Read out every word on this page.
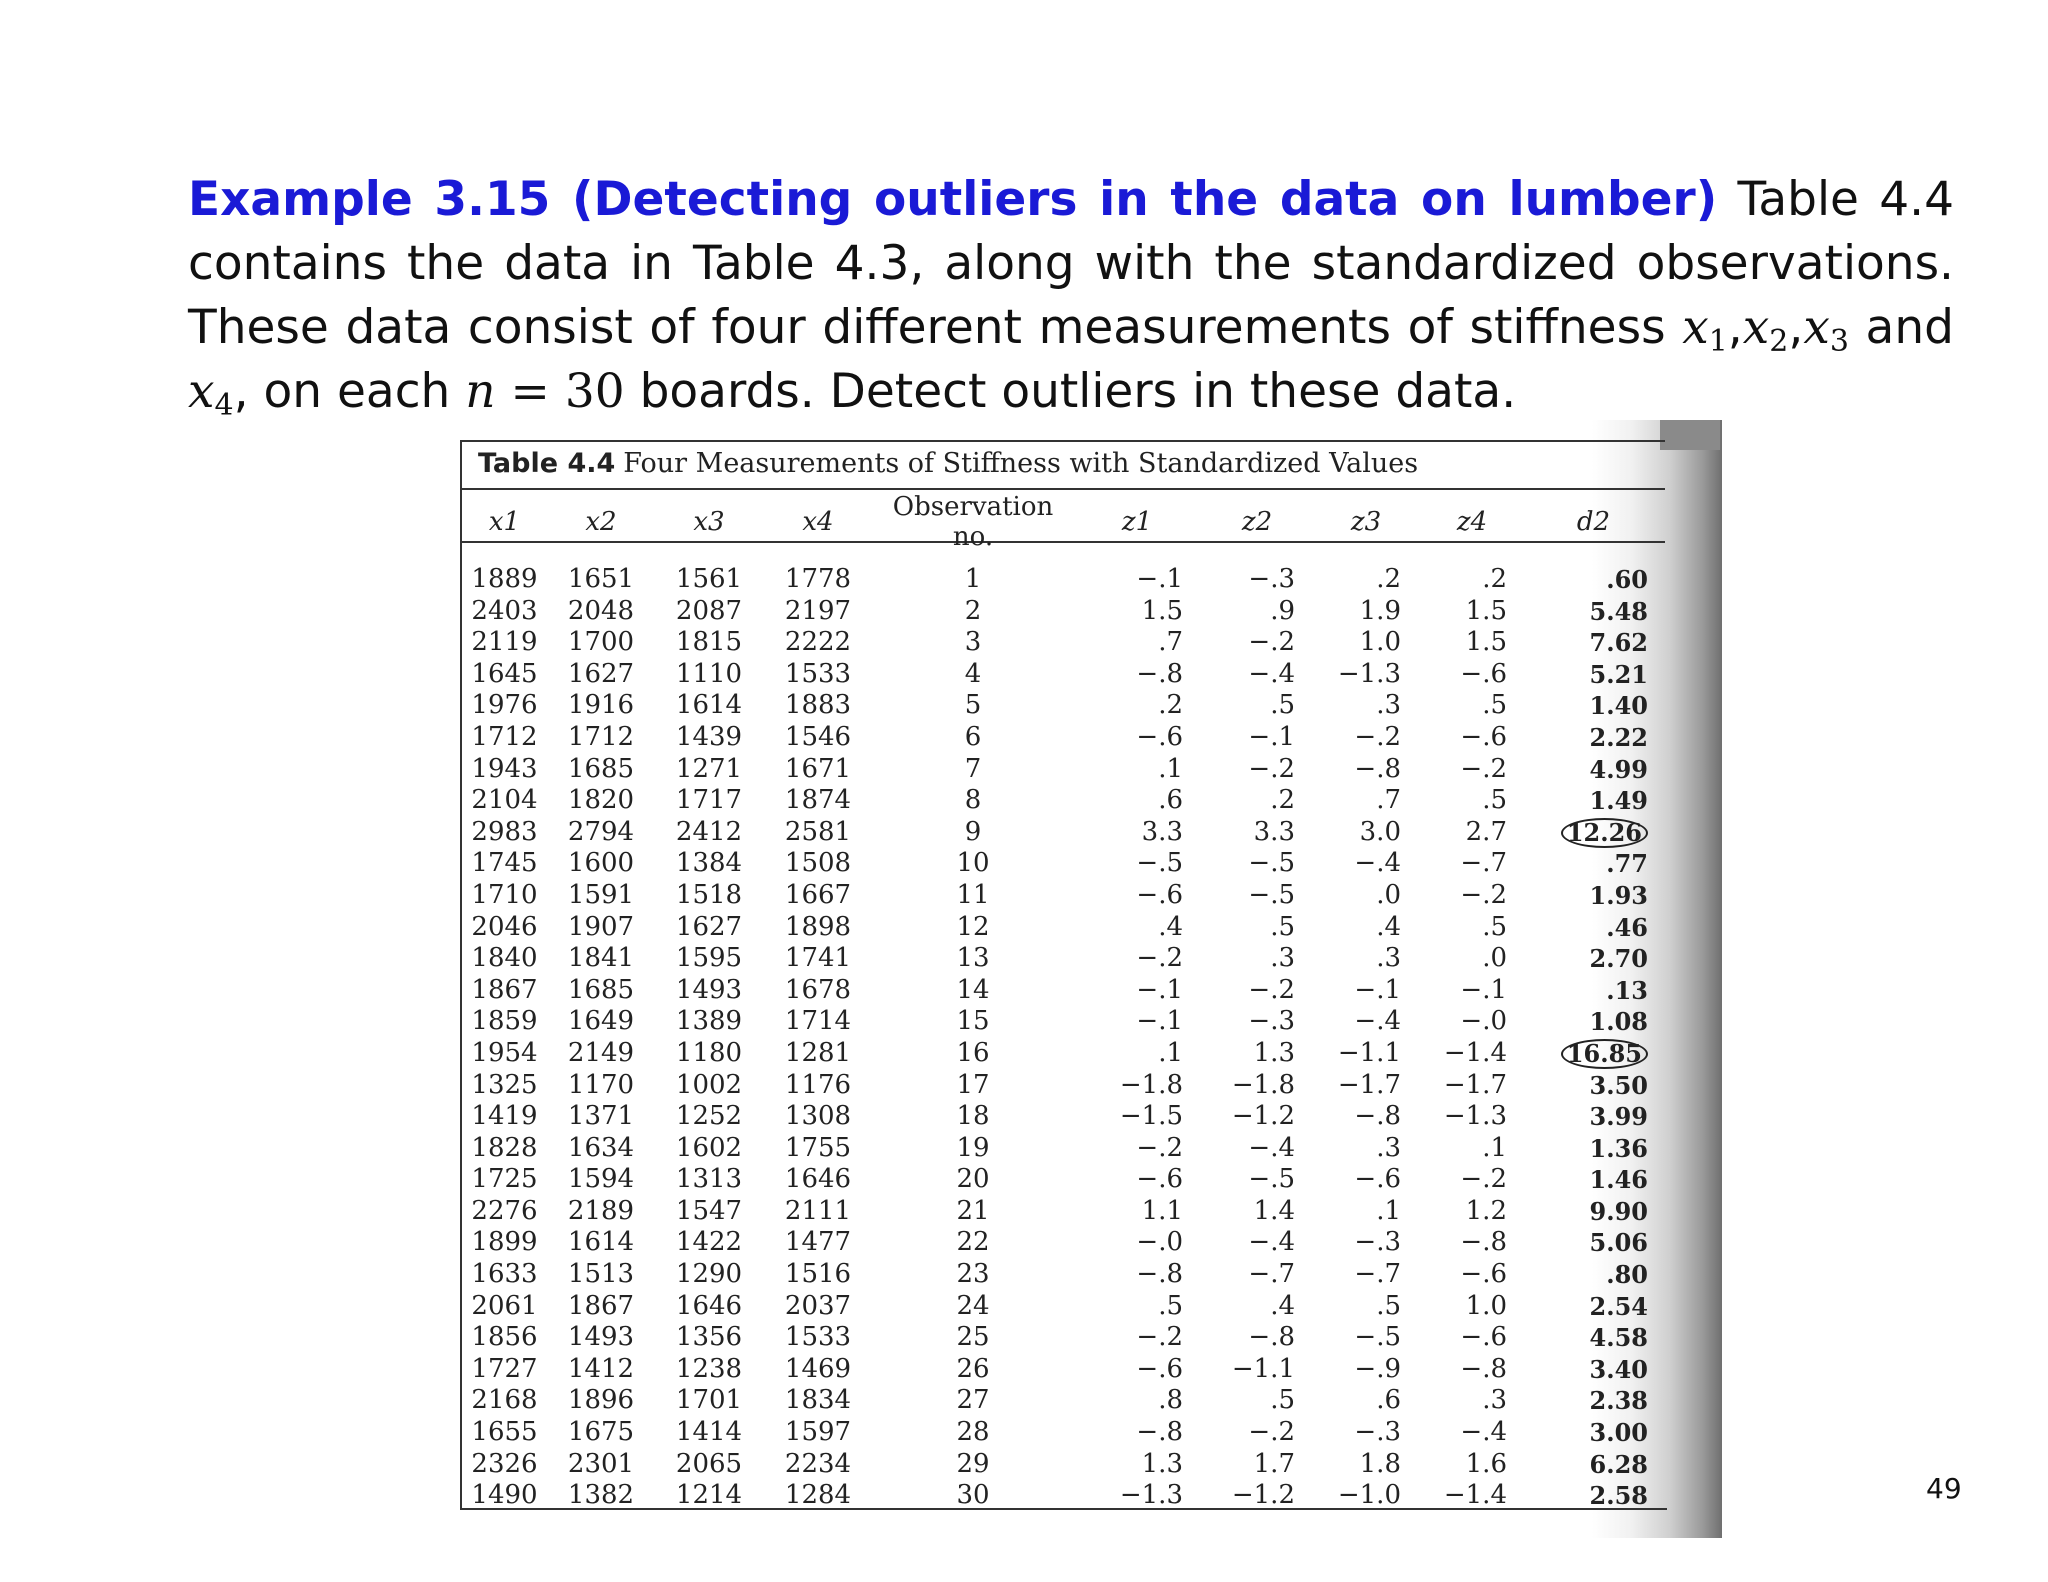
Example 3.15 (Detecting outliers in the data on lumber) Table 4.4 contains the data in Table 4.3, along with the standardized observations. These data consist of four different measurements of stiffness $x_1,x_2,x_3$ and $x_4$, on each n = 30 boards. Detect outliers in these data.
Table 4.4 Four Measurements of Stiffness with Standardized Values
x1	x2	x3	x4	Observation no.	z1	z2	z3	z4	d2
1889	1651	1561	1778	1	−.1	−.3	.2	.2	.60
2403	2048	2087	2197	2	1.5	.9	1.9	1.5	5.48
2119	1700	1815	2222	3	.7	−.2	1.0	1.5	7.62
1645	1627	1110	1533	4	−.8	−.4	−1.3	−.6	5.21
1976	1916	1614	1883	5	.2	.5	.3	.5	1.40
1712	1712	1439	1546	6	−.6	−.1	−.2	−.6	2.22
1943	1685	1271	1671	7	.1	−.2	−.8	−.2	4.99
2104	1820	1717	1874	8	.6	.2	.7	.5	1.49
2983	2794	2412	2581	9	3.3	3.3	3.0	2.7	12.26
1745	1600	1384	1508	10	−.5	−.5	−.4	−.7	.77
1710	1591	1518	1667	11	−.6	−.5	.0	−.2	1.93
2046	1907	1627	1898	12	.4	.5	.4	.5	.46
1840	1841	1595	1741	13	−.2	.3	.3	.0	2.70
1867	1685	1493	1678	14	−.1	−.2	−.1	−.1	.13
1859	1649	1389	1714	15	−.1	−.3	−.4	−.0	1.08
1954	2149	1180	1281	16	.1	1.3	−1.1	−1.4	16.85
1325	1170	1002	1176	17	−1.8	−1.8	−1.7	−1.7	3.50
1419	1371	1252	1308	18	−1.5	−1.2	−.8	−1.3	3.99
1828	1634	1602	1755	19	−.2	−.4	.3	.1	1.36
1725	1594	1313	1646	20	−.6	−.5	−.6	−.2	1.46
2276	2189	1547	2111	21	1.1	1.4	.1	1.2	9.90
1899	1614	1422	1477	22	−.0	−.4	−.3	−.8	5.06
1633	1513	1290	1516	23	−.8	−.7	−.7	−.6	.80
2061	1867	1646	2037	24	.5	.4	.5	1.0	2.54
1856	1493	1356	1533	25	−.2	−.8	−.5	−.6	4.58
1727	1412	1238	1469	26	−.6	−1.1	−.9	−.8	3.40
2168	1896	1701	1834	27	.8	.5	.6	.3	2.38
1655	1675	1414	1597	28	−.8	−.2	−.3	−.4	3.00
2326	2301	2065	2234	29	1.3	1.7	1.8	1.6	6.28
1490	1382	1214	1284	30	−1.3	−1.2	−1.0	−1.4	2.58	49
